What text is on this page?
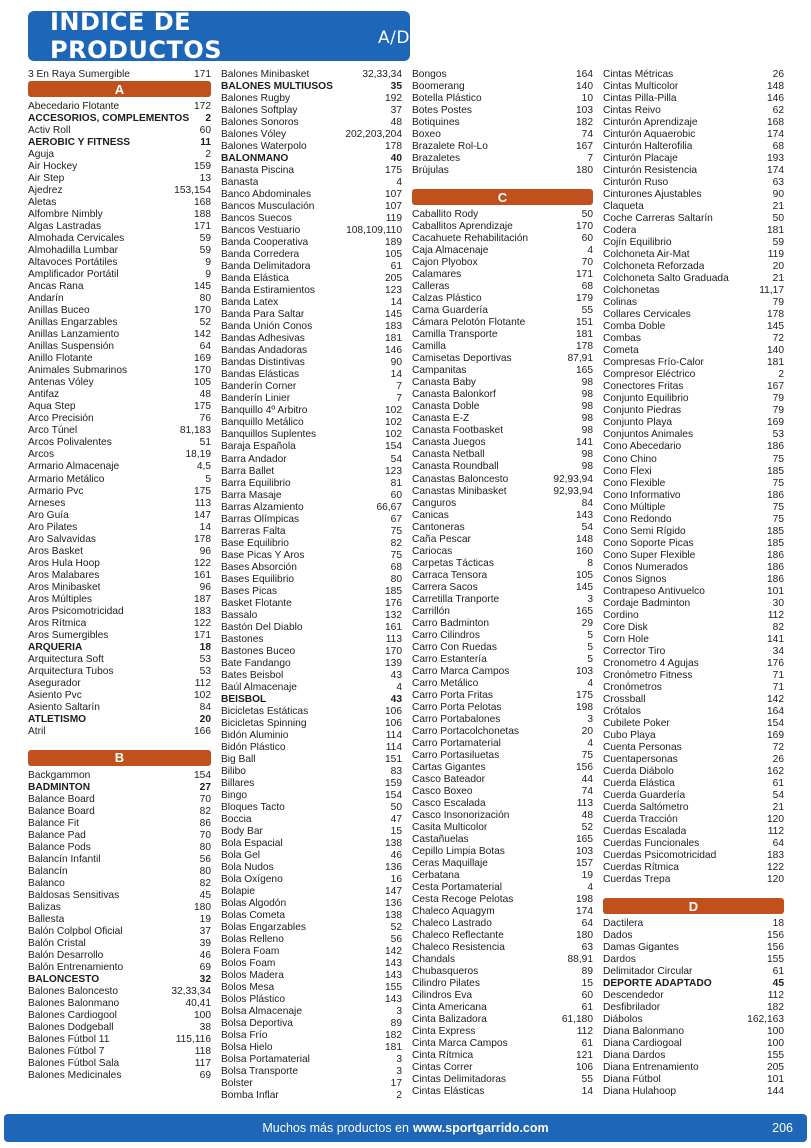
ÍNDICE DE PRODUCTOS	A/D
3 En Raya Sumergible	171
A
Abecedario Flotante	172
ACCESORIOS, COMPLEMENTOS	2
Activ Roll	60
AEROBIC Y FITNESS	11
Aguja	2
Air Hockey	159
Air Step	13
Ajedrez	153,154
Aletas	168
Alfombre Nimbly	188
Algas Lastradas	171
Almohada Cervicales	59
Almohadilla Lumbar	59
Altavoces Portátiles	9
Amplificador Portátil	9
Ancas Rana	145
Andarín	80
Anillas Buceo	170
Anillas Engarzables	52
Anillas Lanzamiento	142
Anillas Suspensión	64
Anillo Flotante	169
Animales Submarinos	170
Antenas Vóley	105
Antifaz	48
Aqua Step	175
Arco Precisión	76
Arco Túnel	81,183
Arcos Polivalentes	51
Arcos	18,19
Armario Almacenaje	4,5
Armario Metálico	5
Armario Pvc	175
Arneses	113
Aro Guía	147
Aro Pilates	14
Aro Salvavidas	178
Aros Basket	96
Aros Hula Hoop	122
Aros Malabares	161
Aros Minibasket	96
Aros Múltiples	187
Aros Psicomotricidad	183
Aros Rítmica	122
Aros Sumergibles	171
ARQUERIA	18
Arquitectura Soft	53
Arquitectura Tubos	53
Asegurador	112
Asiento Pvc	102
Asiento Saltarín	84
ATLETISMO	20
Atril	166
B
Backgammon	154
BADMINTON	27
Balance Board	70
Balance Board	82
Balance Fit	86
Balance Pad	70
Balance Pods	80
Balancín Infantil	56
Balancín	80
Balanco	82
Baldosas Sensitivas	45
Balizas	180
Ballesta	19
Balón Colpbol Oficial	37
Balón Cristal	39
Balón Desarrollo	46
Balón Entrenamiento	69
BALONCESTO	32
Balones Baloncesto	32,33,34
Balones Balonmano	40,41
Balones Cardiogool	100
Balones Dodgeball	38
Balones Fútbol 11	115,116
Balones Fútbol 7	118
Balones Fútbol Sala	117
Balones Medicinales	69
Balones Minibasket	32,33,34
BALONES MULTIUSOS	35
Balones Rugby	192
Balones Softplay	37
Balones Sonoros	48
Balones Vóley	202,203,204
Balones Waterpolo	178
BALONMANO	40
Banasta Piscina	175
Banasta	4
Banco Abdominales	107
Bancos Musculación	107
Bancos Suecos	119
Bancos Vestuario	108,109,110
Banda Cooperativa	189
Banda Corredera	105
Banda Delimitadora	61
Banda Elástica	205
Banda Estiramientos	123
Banda Latex	14
Banda Para Saltar	145
Banda Unión Conos	183
Bandas Adhesivas	181
Bandas Andadoras	146
Bandas Distintivas	90
Bandas Elásticas	14
Banderín Corner	7
Banderín Linier	7
Banquillo 4º Arbitro	102
Banquillo Metálico	102
Banquillos Suplentes	102
Baraja Española	154
Barra Andador	54
Barra Ballet	123
Barra Equilibrio	81
Barra Masaje	60
Barras Alzamiento	66,67
Barras Olímpicas	67
Barreras Falta	75
Base Equilibrio	82
Base Picas Y Aros	75
Bases Absorción	68
Bases Equilibrio	80
Bases Picas	185
Basket Flotante	176
Bassalo	132
Bastón Del Diablo	161
Bastones	113
Bastones Buceo	170
Bate Fandango	139
Bates Beisbol	43
Baúl Almacenaje	4
BEISBOL	43
Bicicletas Estáticas	106
Bicicletas Spinning	106
Bidón Aluminio	114
Bidón Plástico	114
Big Ball	151
Bilibo	83
Billares	159
Bingo	154
Bloques Tacto	50
Boccia	47
Body Bar	15
Bola Espacial	138
Bola Gel	46
Bola Nudos	136
Bola Oxígeno	16
Bolapie	147
Bolas Algodón	136
Bolas Cometa	138
Bolas Engarzables	52
Bolas Relleno	56
Bolera Foam	142
Bolos Foam	143
Bolos Madera	143
Bolos Mesa	155
Bolos Plástico	143
Bolsa Almacenaje	3
Bolsa Deportiva	89
Bolsa Frío	182
Bolsa Hielo	181
Bolsa Portamaterial	3
Bolsa Transporte	3
Bolster	17
Bomba Inflar	2
Bongos	164
Boomerang	140
Botella Plástico	10
Botes Postes	103
Botiquines	182
Boxeo	74
Brazalete Rol-Lo	167
Brazaletes	7
Brújulas	180
C
Caballito Rody	50
Caballitos Aprendizaje	170
Cacahuete Rehabilitación	60
Caja Almacenaje	4
Cajon Plyobox	70
Calamares	171
Calleras	68
Calzas Plástico	179
Cama Guardería	55
Cámara Pelotón Flotante	151
Camilla Transporte	181
Camilla	178
Camisetas Deportivas	87,91
Campanitas	165
Canasta Baby	98
Canasta Balonkorf	98
Canasta Doble	98
Canasta E-Z	98
Canasta Footbasket	98
Canasta Juegos	141
Canasta Netball	98
Canasta Roundball	98
Canastas Baloncesto	92,93,94
Canastas Minibasket	92,93,94
Canguros	84
Canicas	143
Cantoneras	54
Caña Pescar	148
Cariocas	160
Carpetas Tácticas	8
Carraca Tensora	105
Carrera Sacos	145
Carretilla Tranporte	3
Carrillón	165
Carro Badminton	29
Carro Cilindros	5
Carro Con Ruedas	5
Carro Estantería	5
Carro Marca Campos	103
Carro Metálico	4
Carro Porta Fritas	175
Carro Porta Pelotas	198
Carro Portabalones	3
Carro Portacolchonetas	20
Carro Portamaterial	4
Carro Portasiluetas	75
Cartas Gigantes	156
Casco Bateador	44
Casco Boxeo	74
Casco Escalada	113
Casco Insonorización	48
Casita Multicolor	52
Castañuelas	165
Cepillo Limpia Botas	103
Ceras Maquillaje	157
Cerbatana	19
Cesta Portamaterial	4
Cesta Recoge Pelotas	198
Chaleco Aquagym	174
Chaleco Lastrado	64
Chaleco Reflectante	180
Chaleco Resistencia	63
Chandals	88,91
Chubasqueros	89
Cilindro Pilates	15
Cilindros Eva	60
Cinta Americana	61
Cinta Balizadora	61,180
Cinta Express	112
Cinta Marca Campos	61
Cinta Rítmica	121
Cintas Correr	106
Cintas Delimitadoras	55
Cintas Elásticas	14
Cintas Métricas	26
Cintas Multicolor	148
Cintas Pilla-Pilla	146
Cintas Reivo	62
Cinturón Aprendizaje	168
Cinturón Aquaerobic	174
Cinturón Halterofilia	68
Cinturón Placaje	193
Cinturón Resistencia	174
Cinturón Ruso	63
Cinturones Ajustables	90
Claqueta	21
Coche Carreras Saltarín	50
Codera	181
Cojín Equilibrio	59
Colchoneta Air-Mat	119
Colchoneta Reforzada	20
Colchoneta Salto Graduada	21
Colchonetas	11,17
Colinas	79
Collares Cervicales	178
Comba Doble	145
Combas	72
Cometa	140
Compresas Frío-Calor	181
Compresor Eléctrico	2
Conectores Fritas	167
Conjunto Equilibrio	79
Conjunto Piedras	79
Conjunto Playa	169
Conjuntos Animales	53
Cono Abecedario	186
Cono Chino	75
Cono Flexi	185
Cono Flexible	75
Cono Informativo	186
Cono Múltiple	75
Cono Redondo	75
Cono Semi Rígido	185
Cono Soporte Picas	185
Cono Super Flexible	186
Conos Numerados	186
Conos Signos	186
Contrapeso Antivuelco	101
Cordaje Badminton	30
Cordino	112
Core Disk	82
Corn Hole	141
Corrector Tiro	34
Cronometro 4 Agujas	176
Cronómetro Fitness	71
Cronómetros	71
Crossball	142
Crótalos	164
Cubilete Poker	154
Cubo Playa	169
Cuenta Personas	72
Cuentapersonas	26
Cuerda Diábolo	162
Cuerda Elástica	61
Cuerda Guardería	54
Cuerda Saltómetro	21
Cuerda Tracción	120
Cuerdas Escalada	112
Cuerdas Funcionales	64
Cuerdas Psicomotricidad	183
Cuerdas Rítmica	122
Cuerdas Trepa	120
D
Dactilera	18
Dados	156
Damas Gigantes	156
Dardos	155
Delimitador Circular	61
DEPORTE ADAPTADO	45
Descendedor	112
Desfibrilador	182
Diábolos	162,163
Diana Balonmano	100
Diana Cardiogoal	100
Diana Dardos	155
Diana Entrenamiento	205
Diana Fútbol	101
Diana Hulahoop	144
Muchos más productos en www.sportgarrido.com	206
